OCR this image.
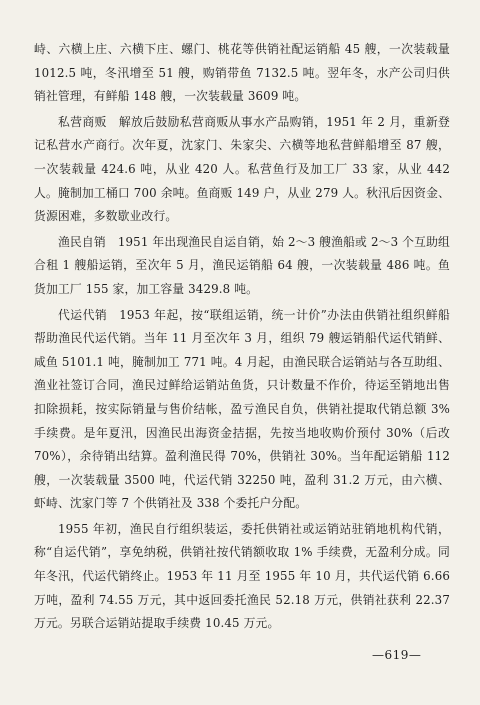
峙、六横上庄、六横下庄、螺门、桃花等供销社配运销船 45 艘，一次装载量 1012.5 吨，冬汛增至 51 艘，购销带鱼 7132.5 吨。翌年冬，水产公司归供销社管理，有鲜船 148 艘，一次装载量 3609 吨。

私营商贩 解放后鼓励私营商贩从事水产品购销，1951 年 2 月，重新登记私营水产商行。次年夏，沈家门、朱家尖、六横等地私营鲜船增至 87 艘，一次装载量 424.6 吨，从业 420 人。私营鱼行及加工厂 33 家，从业 442 人。腌制加工桶口 700 余吨。鱼商贩 149 户，从业 279 人。秋汛后因资金、货源困难，多数歇业改行。

渔民自销 1951 年出现渔民自运自销，始 2～3 艘渔船或 2～3 个互助组合租 1 艘船运销，至次年 5 月，渔民运销船 64 艘，一次装载量 486 吨。鱼货加工厂 155 家，加工容量 3429.8 吨。

代运代销 1953 年起，按“联组运销，统一计价”办法由供销社组织鲜船帮助渔民代运代销。当年 11 月至次年 3 月，组织 79 艘运销船代运代销鲜、咸鱼 5101.1 吨，腌制加工 771 吨。4 月起，由渔民联合运销站与各互助组、渔业社签订合同，渔民过鲜给运销站鱼货，只计数量不作价，待运至销地出售扣除损耗，按实际销量与售价结帐，盈亏渔民自负，供销社提取代销总额 3% 手续费。是年夏汛，因渔民出海资金拮据，先按当地收购价预付 30%（后改 70%），余待销出结算。盈利渔民得 70%，供销社 30%。当年配运销船 112 艘，一次装载量 3500 吨，代运代销 32250 吨，盈利 31.2 万元，由六横、虾峙、沈家门等 7 个供销社及 338 个委托户分配。

1955 年初，渔民自行组织装运，委托供销社或运销站驻销地机构代销，称“自运代销”，享免纳税，供销社按代销额收取 1% 手续费，无盈利分成。同年冬汛，代运代销终止。1953 年 11 月至 1955 年 10 月，共代运代销 6.66 万吨，盈利 74.55 万元，其中返回委托渔民 52.18 万元，供销社获利 22.37 万元。另联合运销站提取手续费 10.45 万元。

—619—
